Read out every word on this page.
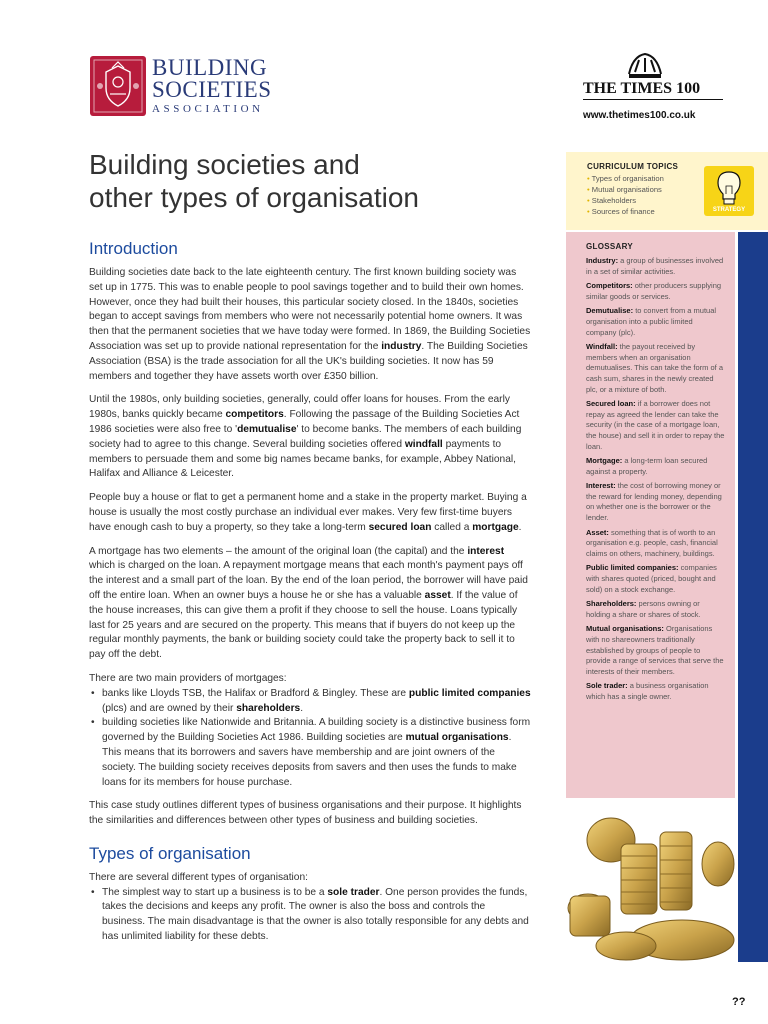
BUILDING
SOCIETIES
ASSOCIATION
THE TIMES 100
www.thetimes100.co.uk
Building societies and
other types of organisation
Introduction

Building societies date back to the late eighteenth century. The first known building society was set up in 1775. This was to enable people to pool savings together and to build their own homes. However, once they had built their houses, this particular society closed. In the 1840s, societies began to accept savings from members who were not necessarily potential home owners. It was then that the permanent societies that we have today were formed. In 1869, the Building Societies Association was set up to provide national representation for the industry. The Building Societies Association (BSA) is the trade association for all the UK's building societies. It now has 59 members and together they have assets worth over £350 billion.

Until the 1980s, only building societies, generally, could offer loans for houses. From the early 1980s, banks quickly became competitors. Following the passage of the Building Societies Act 1986 societies were also free to 'demutualise' to become banks. The members of each building society had to agree to this change. Several building societies offered windfall payments to members to persuade them and some big names became banks, for example, Abbey National, Halifax and Alliance & Leicester.

People buy a house or flat to get a permanent home and a stake in the property market. Buying a house is usually the most costly purchase an individual ever makes. Very few first-time buyers have enough cash to buy a property, so they take a long-term secured loan called a mortgage.

A mortgage has two elements – the amount of the original loan (the capital) and the interest which is charged on the loan. A repayment mortgage means that each month's payment pays off the interest and a small part of the loan. By the end of the loan period, the borrower will have paid off the entire loan. When an owner buys a house he or she has a valuable asset. If the value of the house increases, this can give them a profit if they choose to sell the house. Loans typically last for 25 years and are secured on the property. This means that if buyers do not keep up the regular monthly payments, the bank or building society could take the property back to sell it to pay off the debt.

There are two main providers of mortgages:

• banks like Lloyds TSB, the Halifax or Bradford & Bingley. These are public limited companies (plcs) and are owned by their shareholders.
• building societies like Nationwide and Britannia. A building society is a distinctive business form governed by the Building Societies Act 1986. Building societies are mutual organisations. This means that its borrowers and savers have membership and are joint owners of the society. The building society receives deposits from savers and then uses the funds to make loans for its members for house purchase.

This case study outlines different types of business organisations and their purpose. It highlights the similarities and differences between other types of business and building societies.

Types of organisation

There are several different types of organisation:

• The simplest way to start up a business is to be a sole trader. One person provides the funds, takes the decisions and keeps any profit. The owner is also the boss and controls the business. The main disadvantage is that the owner is also totally responsible for any debts and has unlimited liability for these debts.
CURRICULUM TOPICS
• Types of organisation
• Mutual organisations
• Stakeholders
• Sources of finance	STRATEGY
GLOSSARY
Industry: a group of businesses involved in a set of similar activities.
Competitors: other producers supplying similar goods or services.
Demutualise: to convert from a mutual organisation into a public limited company (plc).
Windfall: the payout received by members when an organisation demutualises. This can take the form of a cash sum, shares in the newly created plc, or a mixture of both.
Secured loan: if a borrower does not repay as agreed the lender can take the security (in the case of a mortgage loan, the house) and sell it in order to repay the loan.
Mortgage: a long-term loan secured against a property.
Interest: the cost of borrowing money or the reward for lending money, depending on whether one is the borrower or the lender.
Asset: something that is of worth to an organisation e.g. people, cash, financial claims on others, machinery, buildings.
Public limited companies: companies with shares quoted (priced, bought and sold) on a stock exchange.
Shareholders: persons owning or holding a share or shares of stock.
Mutual organisations: Organisations with no shareowners traditionally established by groups of people to provide a range of services that serve the interests of their members.
Sole trader: a business organisation which has a single owner.
BUILDING SOCIETIES ASSOCIATION
??
